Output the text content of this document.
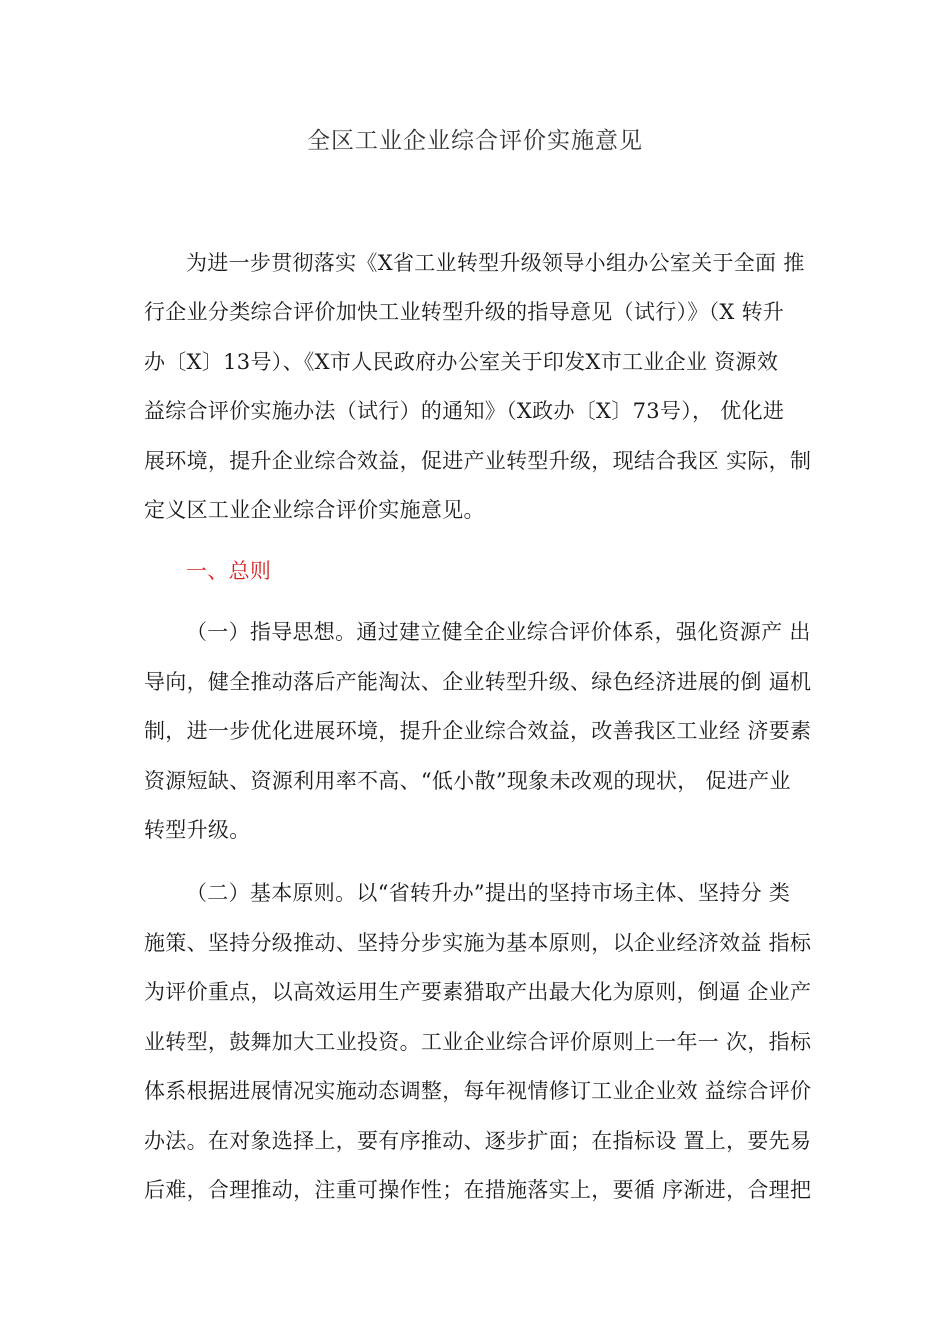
全区工业企业综合评价实施意见
为进一步贯彻落实《X省工业转型升级领导小组办公室关于全面 推
行企业分类综合评价加快工业转型升级的指导意见（试行）》（X 转升
办〔X〕13号）、《X市人民政府办公室关于印发X市工业企业 资源效
益综合评价实施办法（试行）的通知》（X政办〔X〕73号）， 优化进
展环境，提升企业综合效益，促进产业转型升级，现结合我区 实际，制
定义区工业企业综合评价实施意见。
一、总则
（一）指导思想。通过建立健全企业综合评价体系，强化资源产 出
导向，健全推动落后产能淘汰、企业转型升级、绿色经济进展的倒 逼机
制，进一步优化进展环境，提升企业综合效益，改善我区工业经 济要素
资源短缺、资源利用率不高、“低小散”现象未改观的现状， 促进产业
转型升级。
（二）基本原则。以“省转升办”提出的坚持市场主体、坚持分 类
施策、坚持分级推动、坚持分步实施为基本原则，以企业经济效益 指标
为评价重点，以高效运用生产要素猎取产出最大化为原则，倒逼 企业产
业转型，鼓舞加大工业投资。工业企业综合评价原则上一年一 次，指标
体系根据进展情况实施动态调整，每年视情修订工业企业效 益综合评价
办法。在对象选择上，要有序推动、逐步扩面；在指标设 置上，要先易
后难，合理推动，注重可操作性；在措施落实上，要循 序渐进，合理把
